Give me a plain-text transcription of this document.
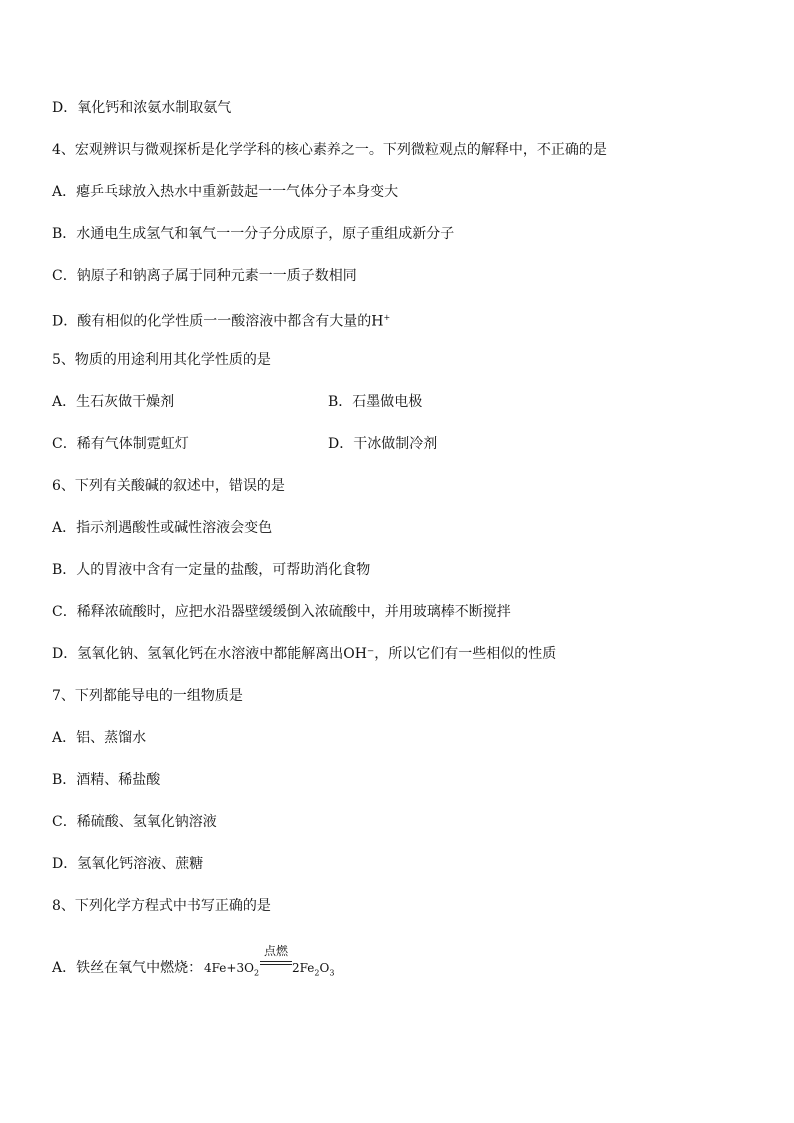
D．氧化钙和浓氨水制取氨气
4、宏观辨识与微观探析是化学学科的核心素养之一。下列微粒观点的解释中，不正确的是
A．瘪乒乓球放入热水中重新鼓起一一气体分子本身变大
B．水通电生成氢气和氧气一一分子分成原子，原子重组成新分子
C．钠原子和钠离子属于同种元素一一质子数相同
D．酸有相似的化学性质一一酸溶液中都含有大量的H+
5、物质的用途利用其化学性质的是
A．生石灰做干燥剂	B．石墨做电极
C．稀有气体制霓虹灯	D．干冰做制冷剂
6、下列有关酸碱的叙述中，错误的是
A．指示剂遇酸性或碱性溶液会变色
B．人的胃液中含有一定量的盐酸，可帮助消化食物
C．稀释浓硫酸时，应把水沿器壁缓缓倒入浓硫酸中，并用玻璃棒不断搅拌
D．氢氧化钠、氢氧化钙在水溶液中都能解离出OH⁻，所以它们有一些相似的性质
7、下列都能导电的一组物质是
A．铝、蒸馏水
B．酒精、稀盐酸
C．稀硫酸、氢氧化钠溶液
D．氢氧化钙溶液、蔗糖
8、下列化学方程式中书写正确的是
A．铁丝在氧气中燃烧： $4Fe+3O_2$
点燃
$2Fe_2O_3$
